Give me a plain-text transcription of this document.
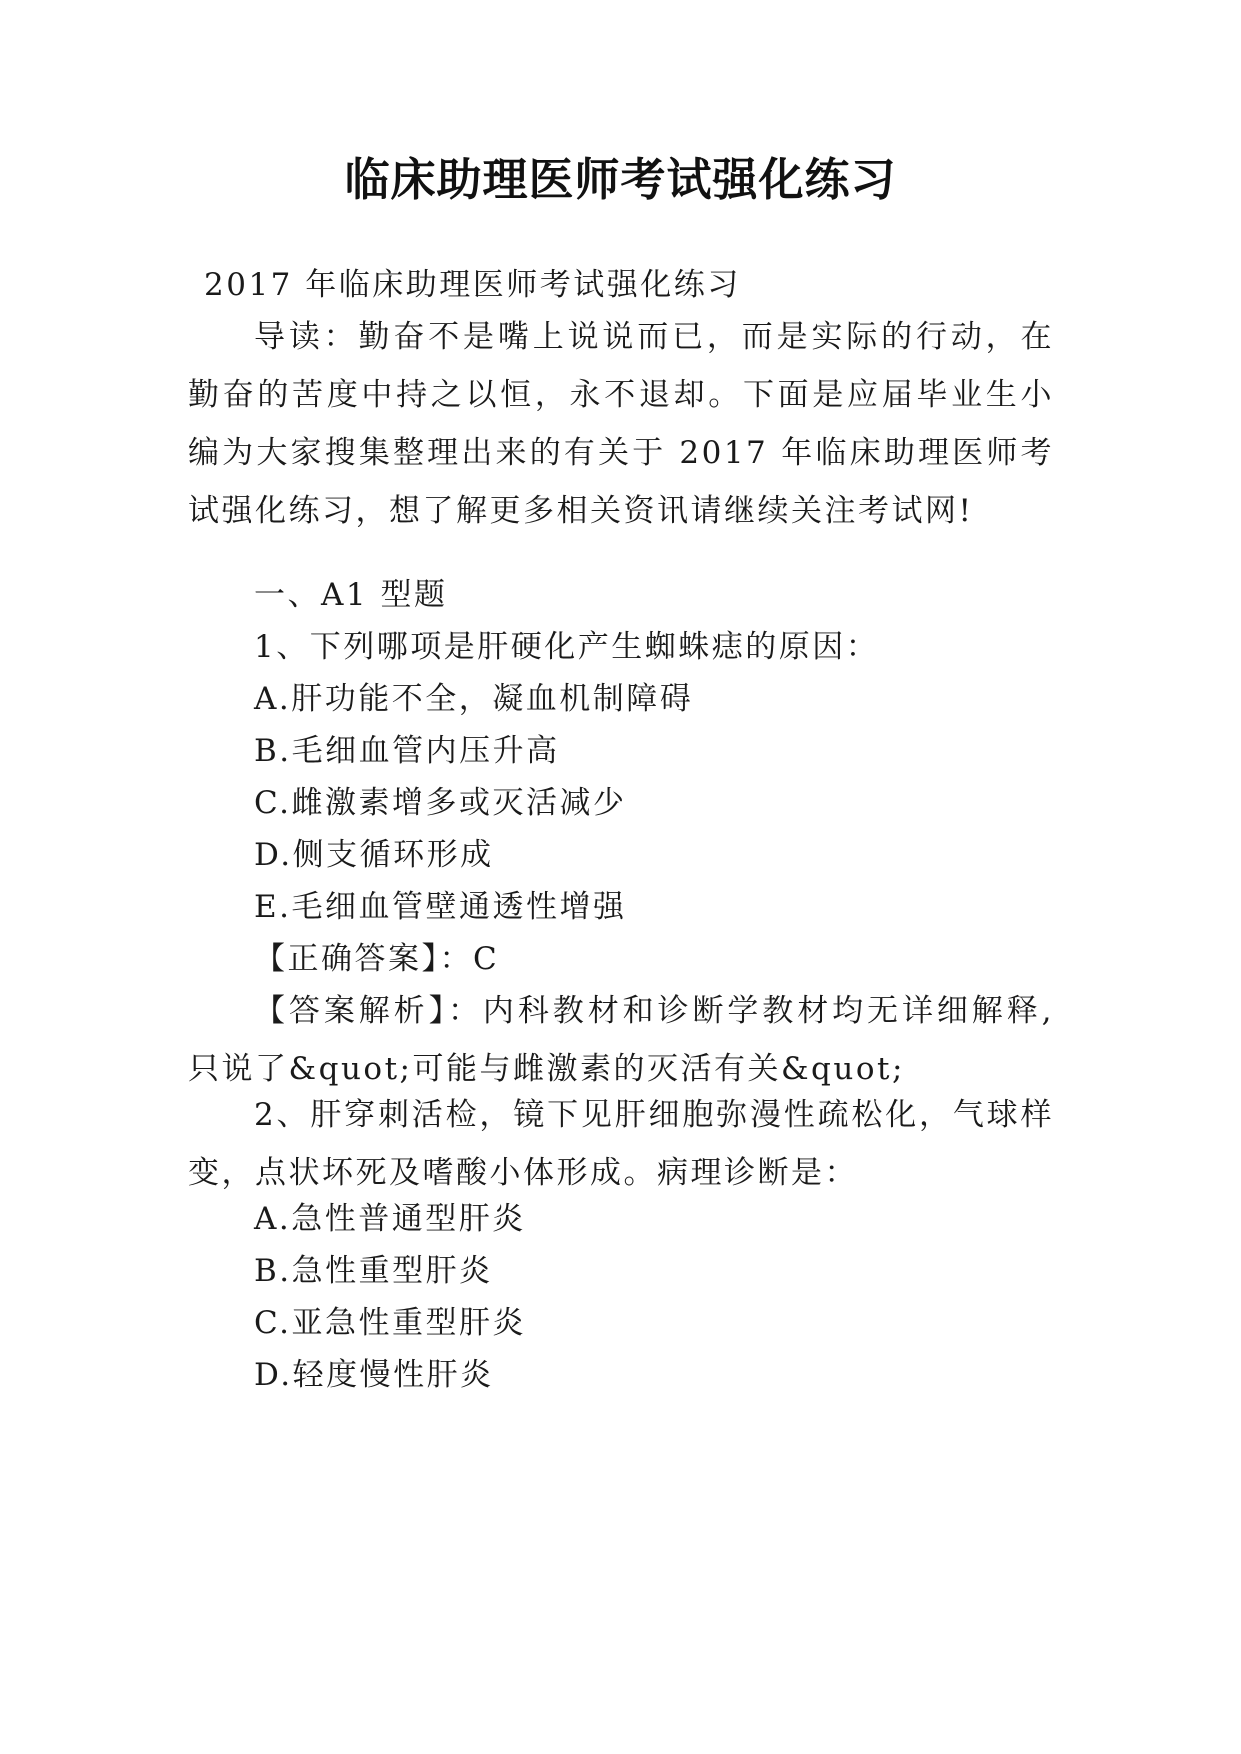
临床助理医师考试强化练习

2017 年临床助理医师考试强化练习

导读：勤奋不是嘴上说说而已，而是实际的行动，在勤奋的苦度中持之以恒，永不退却。下面是应届毕业生小编为大家搜集整理出来的有关于 2017 年临床助理医师考试强化练习，想了解更多相关资讯请继续关注考试网!

一、A1 型题

1、下列哪项是肝硬化产生蜘蛛痣的原因：

A.肝功能不全，凝血机制障碍

B.毛细血管内压升高

C.雌激素增多或灭活减少

D.侧支循环形成

E.毛细血管壁通透性增强

【正确答案】：C

【答案解析】：内科教材和诊断学教材均无详细解释,只说了&quot;可能与雌激素的灭活有关&quot;

2、肝穿刺活检，镜下见肝细胞弥漫性疏松化，气球样变，点状坏死及嗜酸小体形成。病理诊断是：

A.急性普通型肝炎

B.急性重型肝炎

C.亚急性重型肝炎

D.轻度慢性肝炎
